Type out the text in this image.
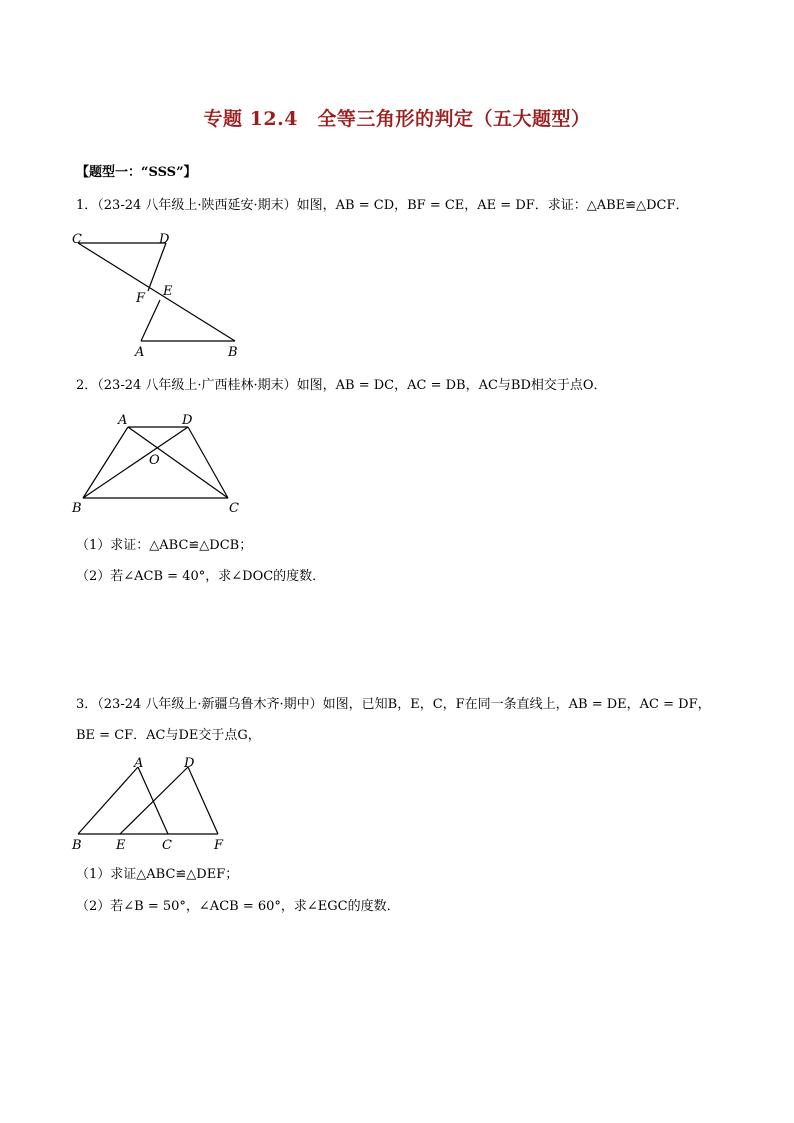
专题 12.4　全等三角形的判定（五大题型）
【题型一：“SSS”】
1．（23-24 八年级上·陕西延安·期末）如图，AB = CD，BF = CE，AE = DF．求证：△ABE≌△DCF．
C	D
F E
A	B
2．（23-24 八年级上·广西桂林·期末）如图，AB = DC，AC = DB，AC与BD相交于点O．
A	D
O
B	C
（1）求证：△ABC≌△DCB；
（2）若∠ACB = 40°，求∠DOC的度数．
3．（23-24 八年级上·新疆乌鲁木齐·期中）如图，已知B，E，C，F在同一条直线上，AB = DE，AC = DF，
BE = CF．AC与DE交于点G，
A	D
B	E	C	F
（1）求证△ABC≌△DEF；
（2）若∠B = 50°，∠ACB = 60°，求∠EGC的度数．
